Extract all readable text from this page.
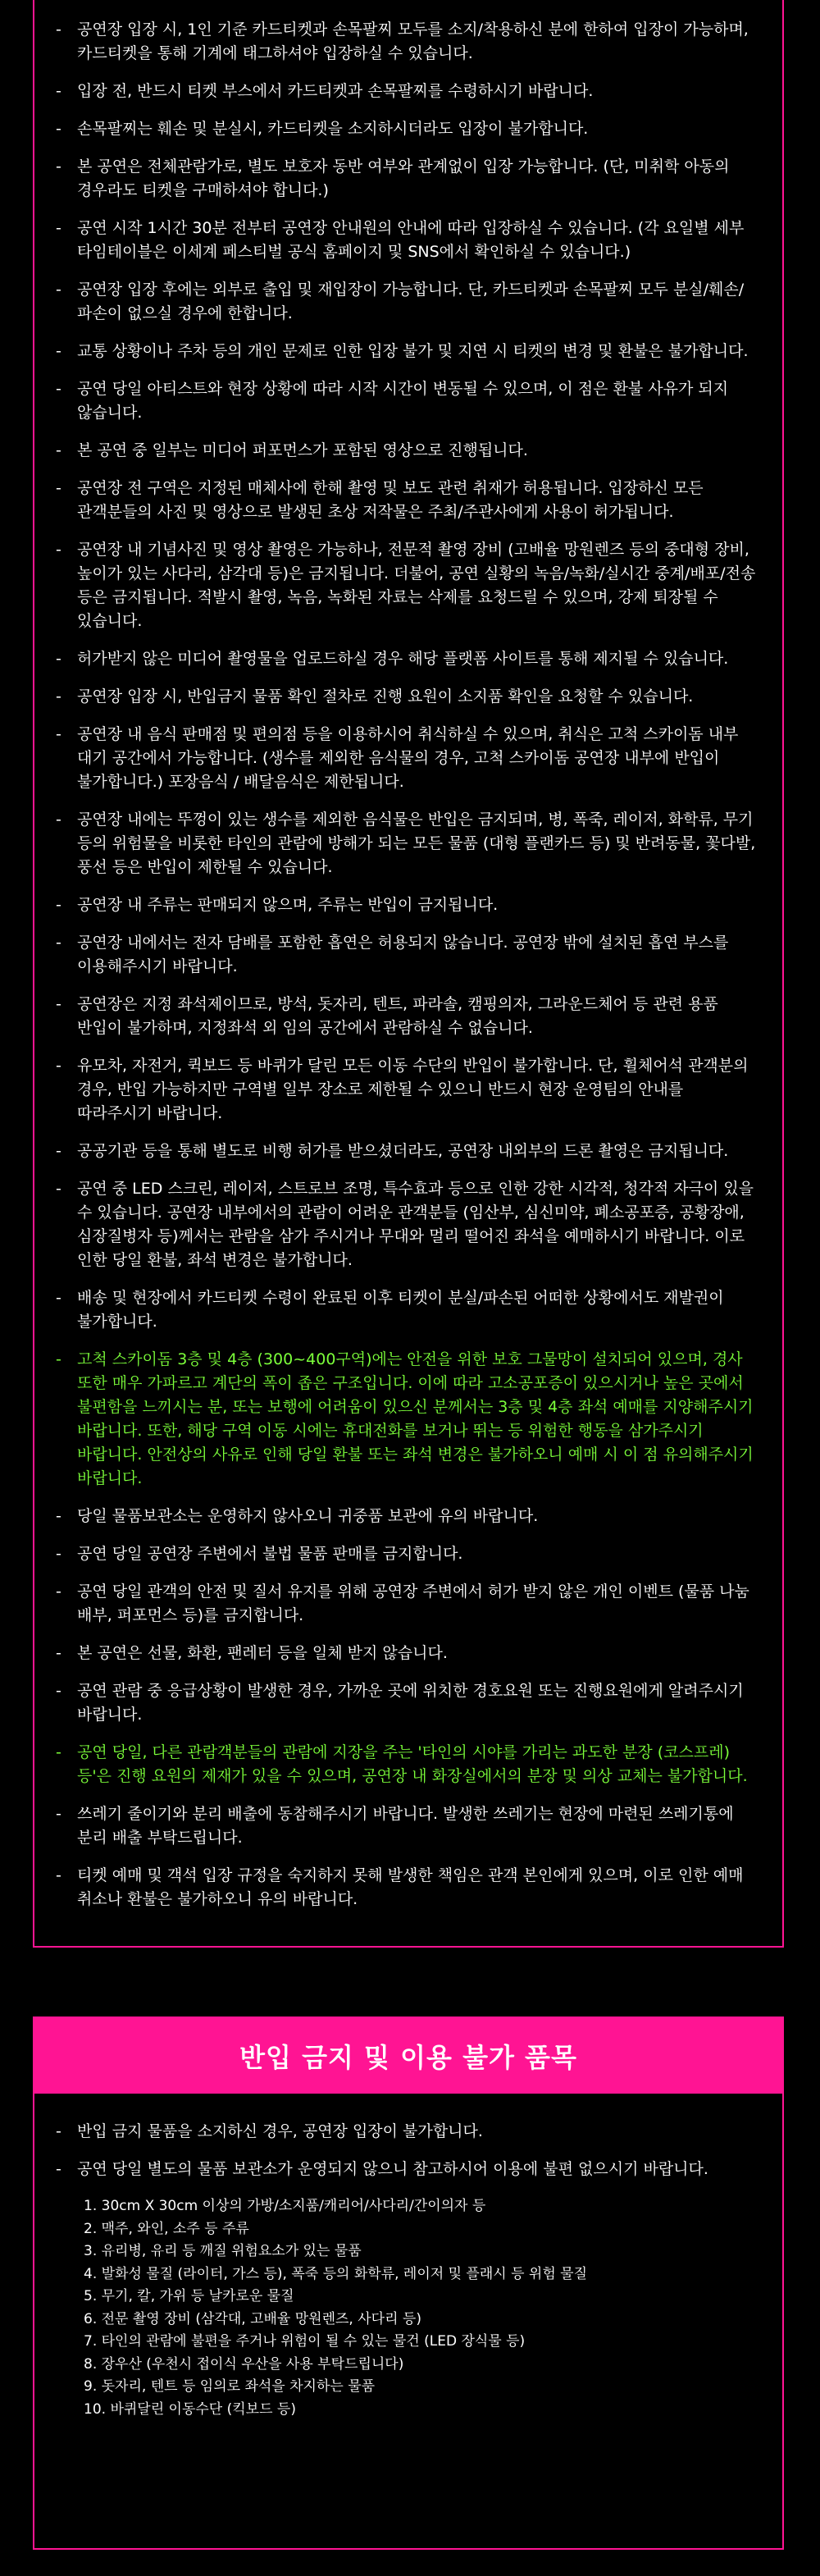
- 공연장 입장 시, 1인 기준 카드티켓과 손목팔찌 모두를 소지/착용하신 분에 한하여 입장이 가능하며, 카드티켓을 통해 기계에 태그하셔야 입장하실 수 있습니다.
- 입장 전, 반드시 티켓 부스에서 카드티켓과 손목팔찌를 수령하시기 바랍니다.
- 손목팔찌는 훼손 및 분실시, 카드티켓을 소지하시더라도 입장이 불가합니다.
- 본 공연은 전체관람가로, 별도 보호자 동반 여부와 관계없이 입장 가능합니다. (단, 미취학 아동의 경우라도 티켓을 구매하셔야 합니다.)
- 공연 시작 1시간 30분 전부터 공연장 안내원의 안내에 따라 입장하실 수 있습니다. (각 요일별 세부 타임테이블은 이세계 페스티벌 공식 홈페이지 및 SNS에서 확인하실 수 있습니다.)
- 공연장 입장 후에는 외부로 출입 및 재입장이 가능합니다. 단, 카드티켓과 손목팔찌 모두 분실/훼손/파손이 없으실 경우에 한합니다.
- 교통 상황이나 주차 등의 개인 문제로 인한 입장 불가 및 지연 시 티켓의 변경 및 환불은 불가합니다.
- 공연 당일 아티스트와 현장 상황에 따라 시작 시간이 변동될 수 있으며, 이 점은 환불 사유가 되지 않습니다.
- 본 공연 중 일부는 미디어 퍼포먼스가 포함된 영상으로 진행됩니다.
- 공연장 전 구역은 지정된 매체사에 한해 촬영 및 보도 관련 취재가 허용됩니다. 입장하신 모든 관객분들의 사진 및 영상으로 발생된 초상 저작물은 주최/주관사에게 사용이 허가됩니다.
- 공연장 내 기념사진 및 영상 촬영은 가능하나, 전문적 촬영 장비 (고배율 망원렌즈 등의 중대형 장비, 높이가 있는 사다리, 삼각대 등)은 금지됩니다. 더불어, 공연 실황의 녹음/녹화/실시간 중계/배포/전송 등은 금지됩니다. 적발시 촬영, 녹음, 녹화된 자료는 삭제를 요청드릴 수 있으며, 강제 퇴장될 수 있습니다.
- 허가받지 않은 미디어 촬영물을 업로드하실 경우 해당 플랫폼 사이트를 통해 제지될 수 있습니다.
- 공연장 입장 시, 반입금지 물품 확인 절차로 진행 요원이 소지품 확인을 요청할 수 있습니다.
- 공연장 내 음식 판매점 및 편의점 등을 이용하시어 취식하실 수 있으며, 취식은 고척 스카이돔 내부 대기 공간에서 가능합니다. (생수를 제외한 음식물의 경우, 고척 스카이돔 공연장 내부에 반입이 불가합니다.) 포장음식 / 배달음식은 제한됩니다.
- 공연장 내에는 뚜껑이 있는 생수를 제외한 음식물은 반입은 금지되며, 병, 폭죽, 레이저, 화학류, 무기 등의 위험물을 비롯한 타인의 관람에 방해가 되는 모든 물품 (대형 플랜카드 등) 및 반려동물, 꽃다발, 풍선 등은 반입이 제한될 수 있습니다.
- 공연장 내 주류는 판매되지 않으며, 주류는 반입이 금지됩니다.
- 공연장 내에서는 전자 담배를 포함한 흡연은 허용되지 않습니다. 공연장 밖에 설치된 흡연 부스를 이용해주시기 바랍니다.
- 공연장은 지정 좌석제이므로, 방석, 돗자리, 텐트, 파라솔, 캠핑의자, 그라운드체어 등 관련 용품 반입이 불가하며, 지정좌석 외 임의 공간에서 관람하실 수 없습니다.
- 유모차, 자전거, 퀵보드 등 바퀴가 달린 모든 이동 수단의 반입이 불가합니다. 단, 휠체어석 관객분의 경우, 반입 가능하지만 구역별 일부 장소로 제한될 수 있으니 반드시 현장 운영팀의 안내를 따라주시기 바랍니다.
- 공공기관 등을 통해 별도로 비행 허가를 받으셨더라도, 공연장 내외부의 드론 촬영은 금지됩니다.
- 공연 중 LED 스크린, 레이저, 스트로브 조명, 특수효과 등으로 인한 강한 시각적, 청각적 자극이 있을 수 있습니다. 공연장 내부에서의 관람이 어려운 관객분들 (임산부, 심신미약, 폐소공포증, 공황장애, 심장질병자 등)께서는 관람을 삼가 주시거나 무대와 멀리 떨어진 좌석을 예매하시기 바랍니다. 이로 인한 당일 환불, 좌석 변경은 불가합니다.
- 배송 및 현장에서 카드티켓 수령이 완료된 이후 티켓이 분실/파손된 어떠한 상황에서도 재발권이 불가합니다.
- 고척 스카이돔 3층 및 4층 (300~400구역)에는 안전을 위한 보호 그물망이 설치되어 있으며, 경사 또한 매우 가파르고 계단의 폭이 좁은 구조입니다. 이에 따라 고소공포증이 있으시거나 높은 곳에서 불편함을 느끼시는 분, 또는 보행에 어려움이 있으신 분께서는 3층 및 4층 좌석 예매를 지양해주시기 바랍니다. 또한, 해당 구역 이동 시에는 휴대전화를 보거나 뛰는 등 위험한 행동을 삼가주시기 바랍니다. 안전상의 사유로 인해 당일 환불 또는 좌석 변경은 불가하오니 예매 시 이 점 유의해주시기 바랍니다.
- 당일 물품보관소는 운영하지 않사오니 귀중품 보관에 유의 바랍니다.
- 공연 당일 공연장 주변에서 불법 물품 판매를 금지합니다.
- 공연 당일 관객의 안전 및 질서 유지를 위해 공연장 주변에서 허가 받지 않은 개인 이벤트 (물품 나눔 배부, 퍼포먼스 등)를 금지합니다.
- 본 공연은 선물, 화환, 팬레터 등을 일체 받지 않습니다.
- 공연 관람 중 응급상황이 발생한 경우, 가까운 곳에 위치한 경호요원 또는 진행요원에게 알려주시기 바랍니다.
- 공연 당일, 다른 관람객분들의 관람에 지장을 주는 '타인의 시야를 가리는 과도한 분장 (코스프레) 등'은 진행 요원의 제재가 있을 수 있으며, 공연장 내 화장실에서의 분장 및 의상 교체는 불가합니다.
- 쓰레기 줄이기와 분리 배출에 동참해주시기 바랍니다. 발생한 쓰레기는 현장에 마련된 쓰레기통에 분리 배출 부탁드립니다.
- 티켓 예매 및 객석 입장 규정을 숙지하지 못해 발생한 책임은 관객 본인에게 있으며, 이로 인한 예매 취소나 환불은 불가하오니 유의 바랍니다.
반입 금지 및 이용 불가 품목
- 반입 금지 물품을 소지하신 경우, 공연장 입장이 불가합니다.
- 공연 당일 별도의 물품 보관소가 운영되지 않으니 참고하시어 이용에 불편 없으시기 바랍니다.
1. 30cm X 30cm 이상의 가방/소지품/캐리어/사다리/간이의자 등
2. 맥주, 와인, 소주 등 주류
3. 유리병, 유리 등 깨질 위험요소가 있는 물품
4. 발화성 물질 (라이터, 가스 등), 폭죽 등의 화학류, 레이저 및 플래시 등 위험 물질
5. 무기, 칼, 가위 등 날카로운 물질
6. 전문 촬영 장비 (삼각대, 고배율 망원렌즈, 사다리 등)
7. 타인의 관람에 불편을 주거나 위험이 될 수 있는 물건 (LED 장식물 등)
8. 장우산 (우천시 접이식 우산을 사용 부탁드립니다)
9. 돗자리, 텐트 등 임의로 좌석을 차지하는 물품
10. 바퀴달린 이동수단 (킥보드 등)
